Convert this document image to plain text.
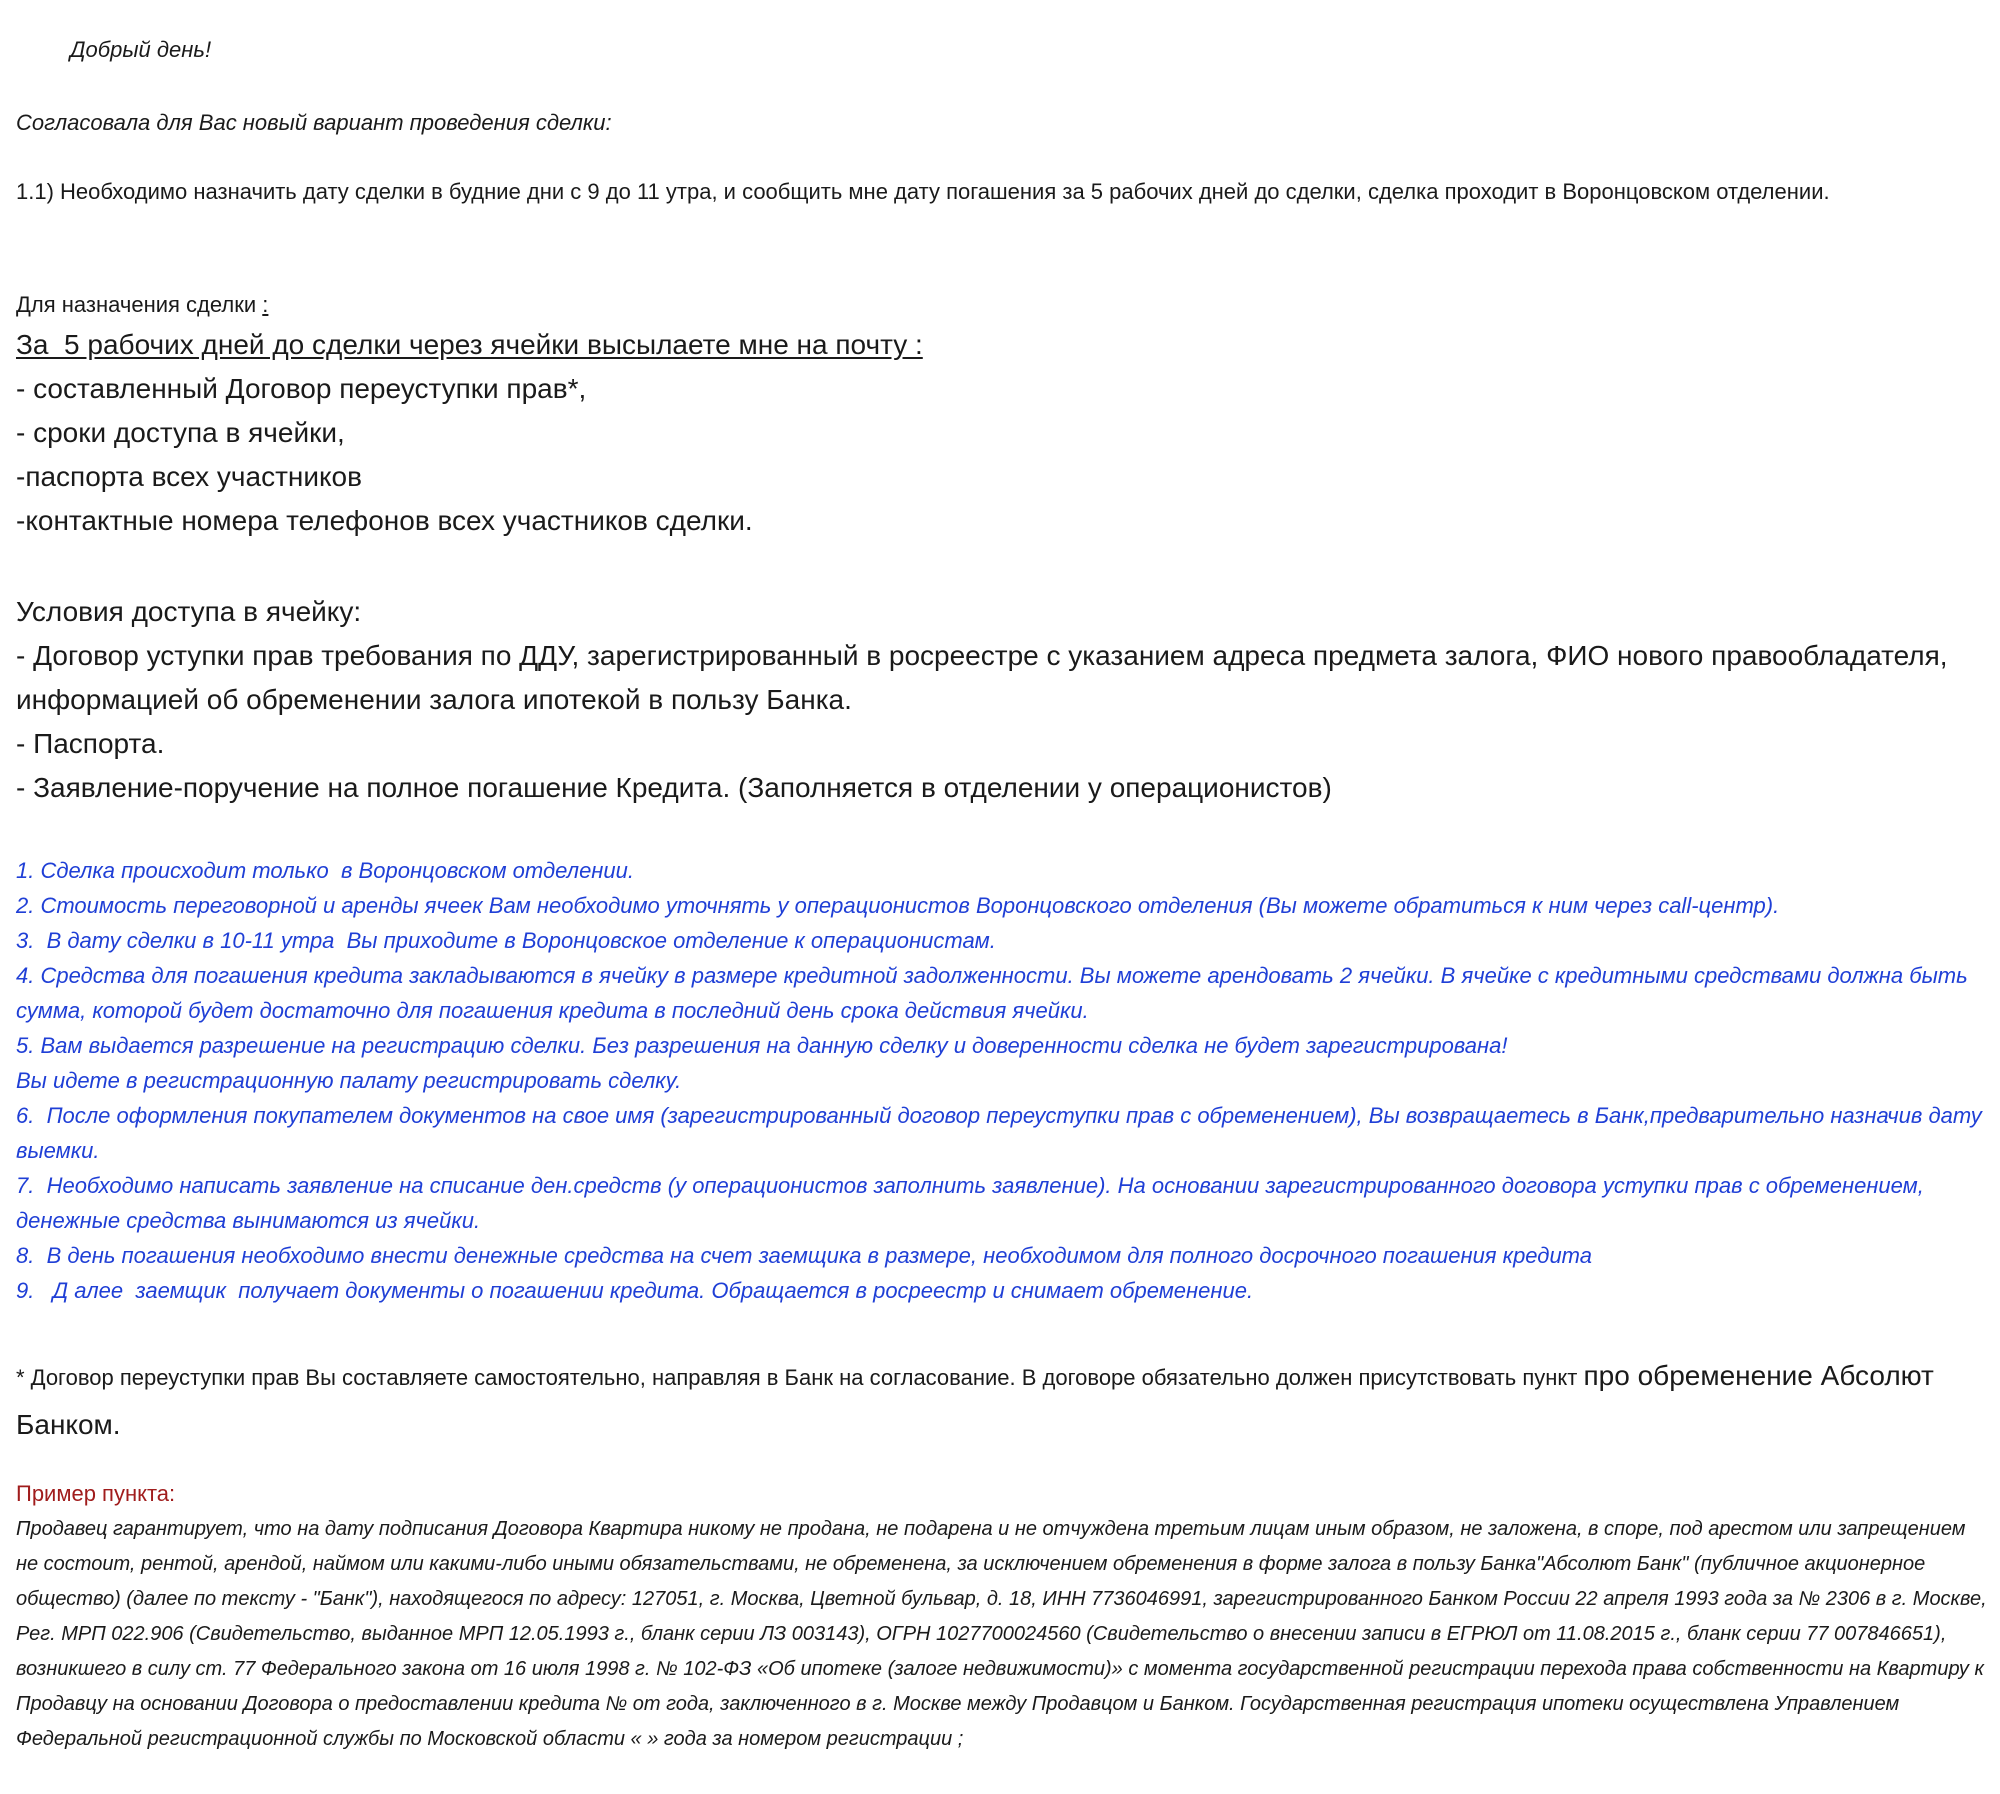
Добрый день!
Согласовала для Вас новый вариант проведения сделки:
1.1) Необходимо назначить дату сделки в будние дни с 9 до 11 утра, и сообщить мне дату погашения за 5 рабочих дней до сделки, сделка проходит в Воронцовском отделении.
Для назначения сделки :
За  5 рабочих дней до сделки через ячейки высылаете мне на почту :
- составленный Договор переуступки прав*,
- сроки доступа в ячейки,
-паспорта всех участников
-контактные номера телефонов всех участников сделки.
Условия доступа в ячейку:
- Договор уступки прав требования по ДДУ, зарегистрированный в росреестре с указанием адреса предмета залога, ФИО нового правообладателя, информацией об обременении залога ипотекой в пользу Банка.
- Паспорта.
- Заявление-поручение на полное погашение Кредита. (Заполняется в отделении у операционистов)
1. Сделка происходит только  в Воронцовском отделении.
2. Стоимость переговорной и аренды ячеек Вам необходимо уточнять у операционистов Воронцовского отделения (Вы можете обратиться к ним через call-центр).
3.  В дату сделки в 10-11 утра  Вы приходите в Воронцовское отделение к операционистам.
4. Средства для погашения кредита закладываются в ячейку в размере кредитной задолженности. Вы можете арендовать 2 ячейки. В ячейке с кредитными средствами должна быть сумма, которой будет достаточно для погашения кредита в последний день срока действия ячейки.
5. Вам выдается разрешение на регистрацию сделки. Без разрешения на данную сделку и доверенности сделка не будет зарегистрирована!
Вы идете в регистрационную палату регистрировать сделку.
6.  После оформления покупателем документов на свое имя (зарегистрированный договор переуступки прав с обременением), Вы возвращаетесь в Банк,предварительно назначив дату выемки.
7.  Необходимо написать заявление на списание ден.средств (у операционистов заполнить заявление). На основании зарегистрированного договора уступки прав с обременением, денежные средства вынимаются из ячейки.
8.  В день погашения необходимо внести денежные средства на счет заемщика в размере, необходимом для полного досрочного погашения кредита
9.   Д алее  заемщик  получает документы о погашении кредита. Обращается в росреестр и снимает обременение.
* Договор переуступки прав Вы составляете самостоятельно, направляя в Банк на согласование. В договоре обязательно должен присутствовать пункт про обременение Абсолют Банком.
Пример пункта:
Продавец гарантирует, что на дату подписания Договора Квартира никому не продана, не подарена и не отчуждена третьим лицам иным образом, не заложена, в споре, под арестом или запрещением не состоит, рентой, арендой, наймом или какими-либо иными обязательствами, не обременена, за исключением обременения в форме залога в пользу Банка"Абсолют Банк" (публичное акционерное общество) (далее по тексту - "Банк"), находящегося по адресу: 127051, г. Москва, Цветной бульвар, д. 18, ИНН 7736046991, зарегистрированного Банком России 22 апреля 1993 года за № 2306 в г. Москве, Рег. МРП 022.906 (Свидетельство, выданное МРП 12.05.1993 г., бланк серии ЛЗ 003143), ОГРН 1027700024560 (Свидетельство о внесении записи в ЕГРЮЛ от 11.08.2015 г., бланк серии 77 007846651), возникшего в силу ст. 77 Федерального закона от 16 июля 1998 г. № 102-ФЗ «Об ипотеке (залоге недвижимости)» с момента государственной регистрации перехода права собственности на Квартиру к Продавцу на основании Договора о предоставлении кредита № от года, заключенного в г. Москве между Продавцом и Банком. Государственная регистрация ипотеки осуществлена Управлением Федеральной регистрационной службы по Московской области « » года за номером регистрации ;
